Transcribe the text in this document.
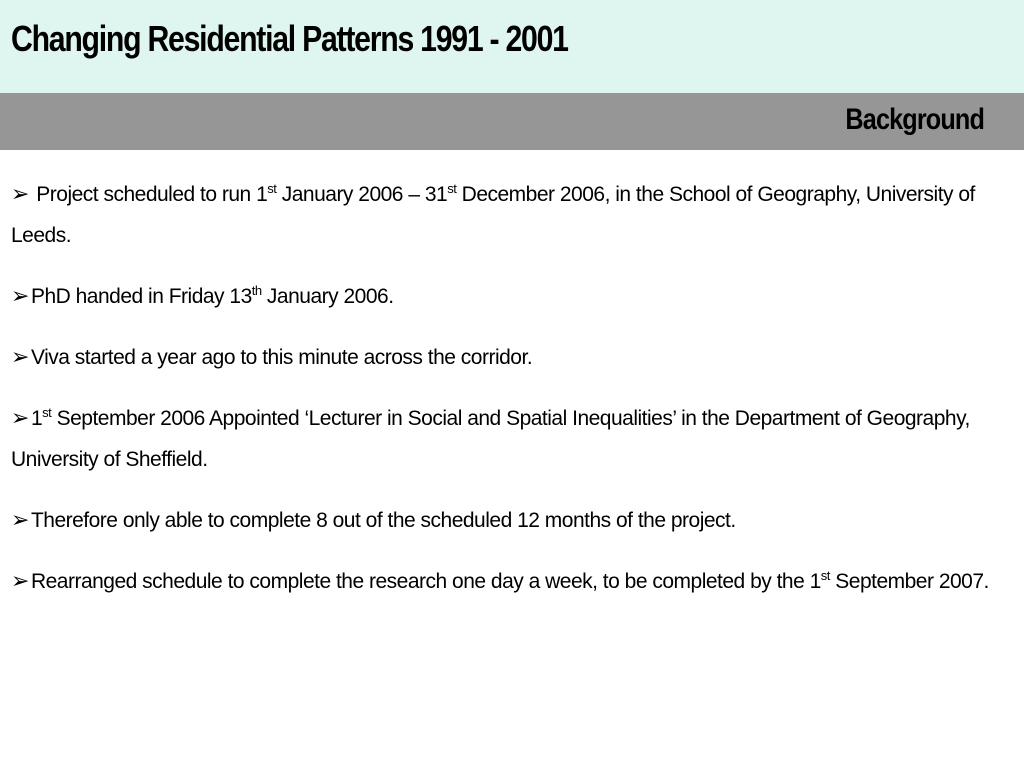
Changing Residential Patterns 1991 - 2001
Background
➢ Project scheduled to run 1st January 2006 – 31st December 2006, in the School of Geography, University of Leeds.
➢PhD handed in Friday 13th January 2006.
➢Viva started a year ago to this minute across the corridor.
➢1st September 2006 Appointed ‘Lecturer in Social and Spatial Inequalities’ in the Department of Geography, University of Sheffield.
➢Therefore only able to complete 8 out of the scheduled 12 months of the project.
➢Rearranged schedule to complete the research one day a week, to be completed by the 1st September 2007.
